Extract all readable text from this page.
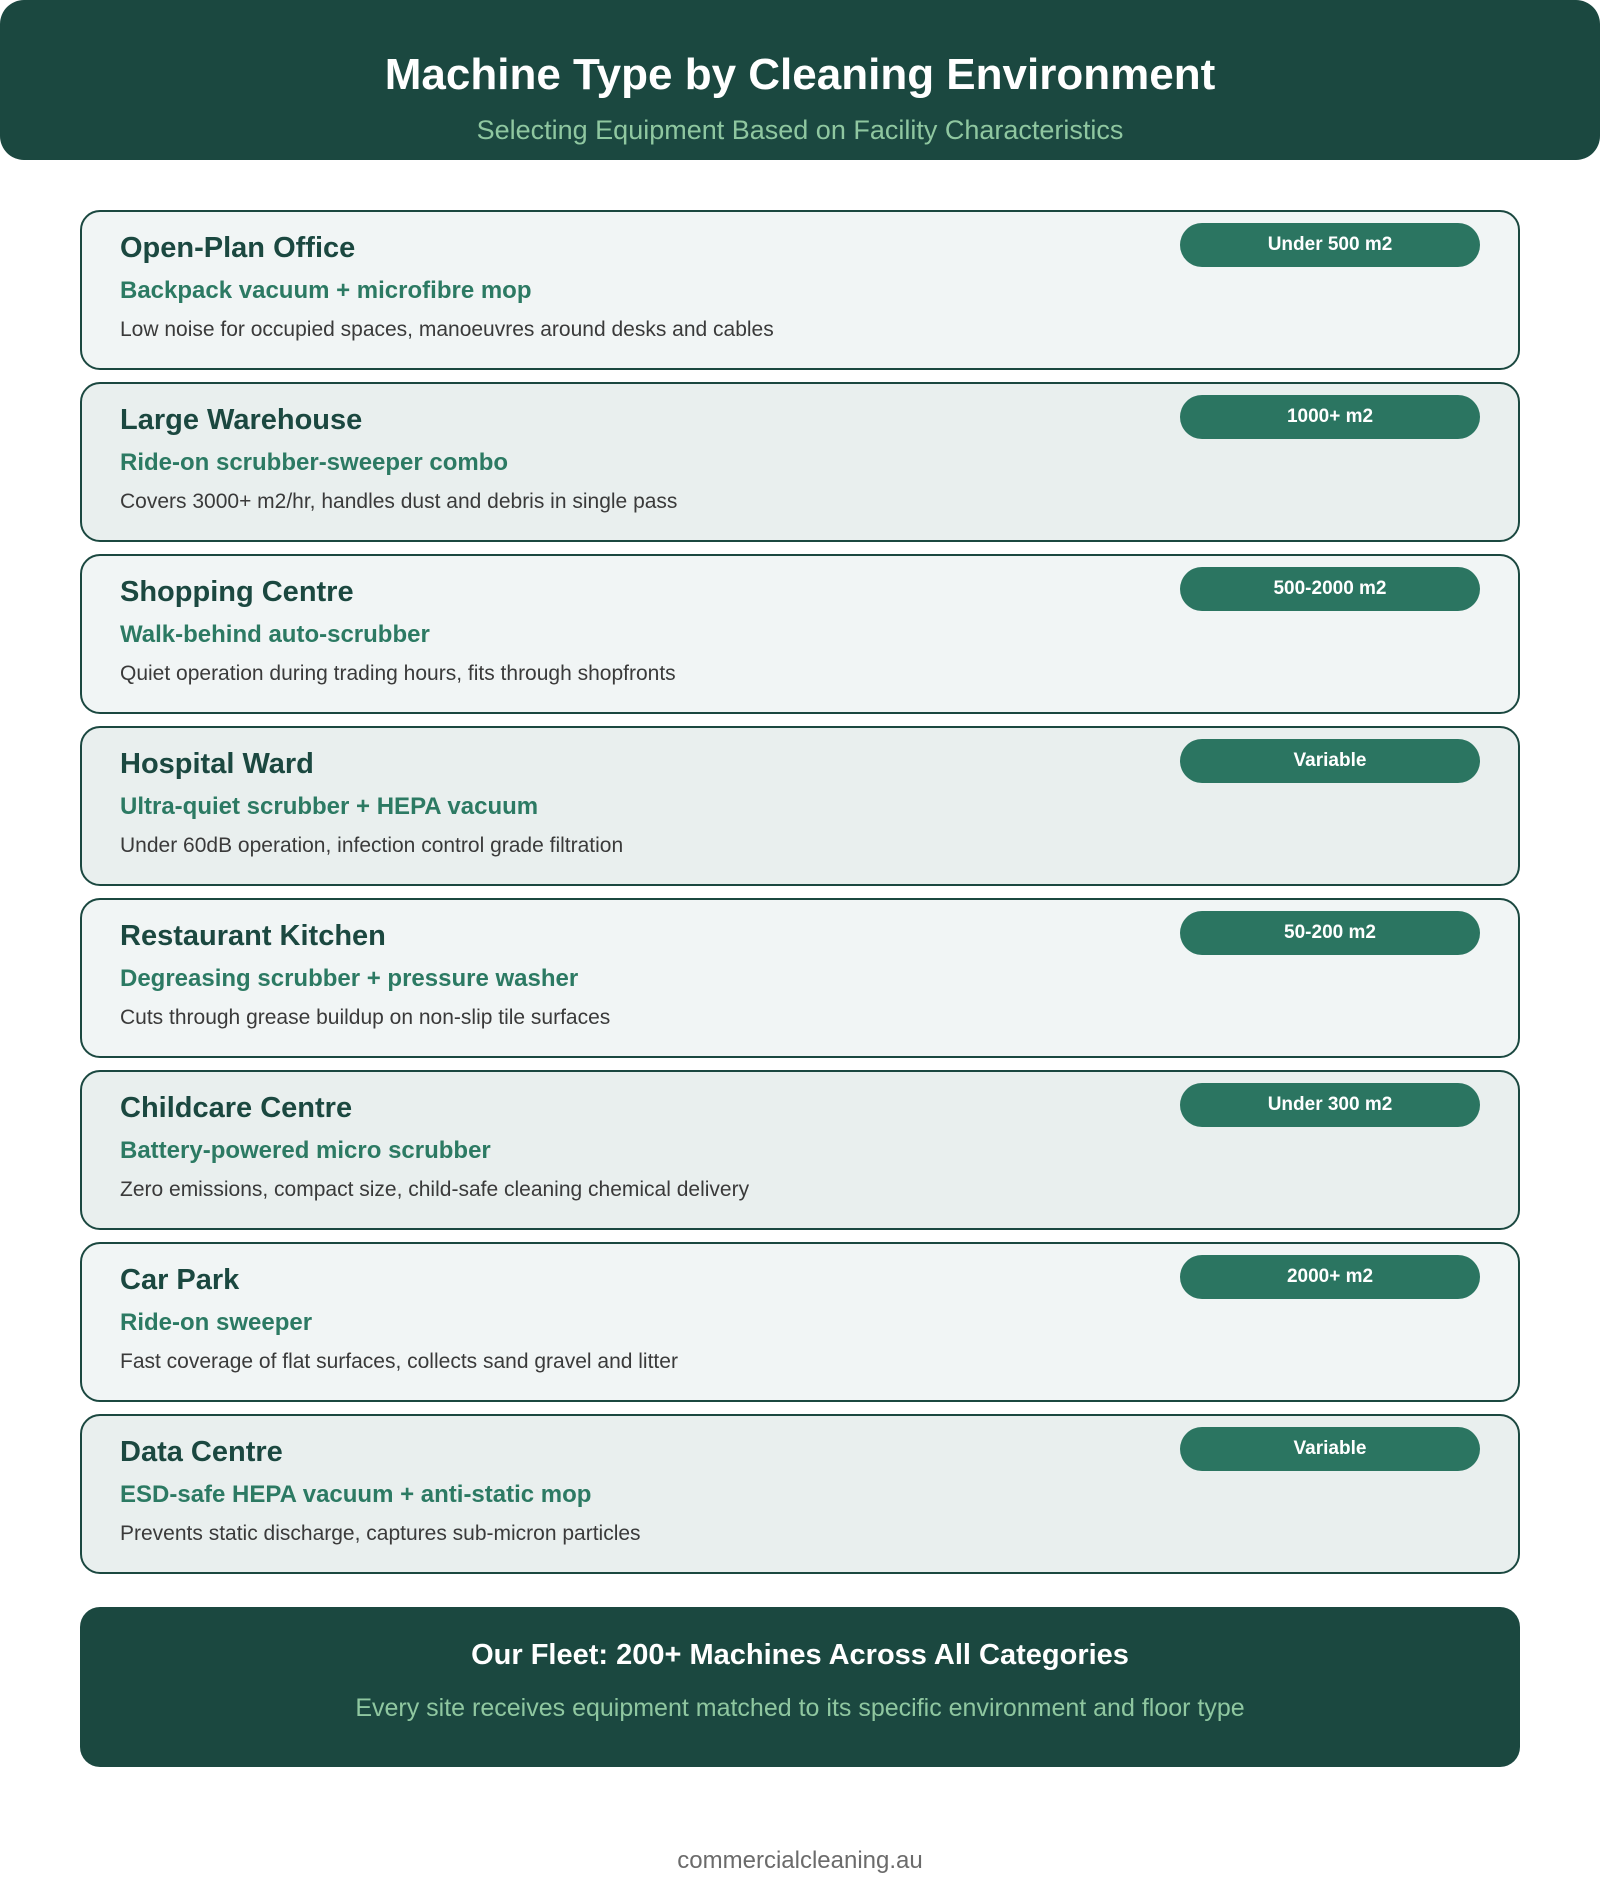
Machine Type by Cleaning Environment
Selecting Equipment Based on Facility Characteristics
Open-Plan Office
Backpack vacuum + microfibre mop
Low noise for occupied spaces, manoeuvres around desks and cables
Under 500 m2
Large Warehouse
Ride-on scrubber-sweeper combo
Covers 3000+ m2/hr, handles dust and debris in single pass
1000+ m2
Shopping Centre
Walk-behind auto-scrubber
Quiet operation during trading hours, fits through shopfronts
500-2000 m2
Hospital Ward
Ultra-quiet scrubber + HEPA vacuum
Under 60dB operation, infection control grade filtration
Variable
Restaurant Kitchen
Degreasing scrubber + pressure washer
Cuts through grease buildup on non-slip tile surfaces
50-200 m2
Childcare Centre
Battery-powered micro scrubber
Zero emissions, compact size, child-safe cleaning chemical delivery
Under 300 m2
Car Park
Ride-on sweeper
Fast coverage of flat surfaces, collects sand gravel and litter
2000+ m2
Data Centre
ESD-safe HEPA vacuum + anti-static mop
Prevents static discharge, captures sub-micron particles
Variable
Our Fleet: 200+ Machines Across All Categories
Every site receives equipment matched to its specific environment and floor type
commercialcleaning.au
